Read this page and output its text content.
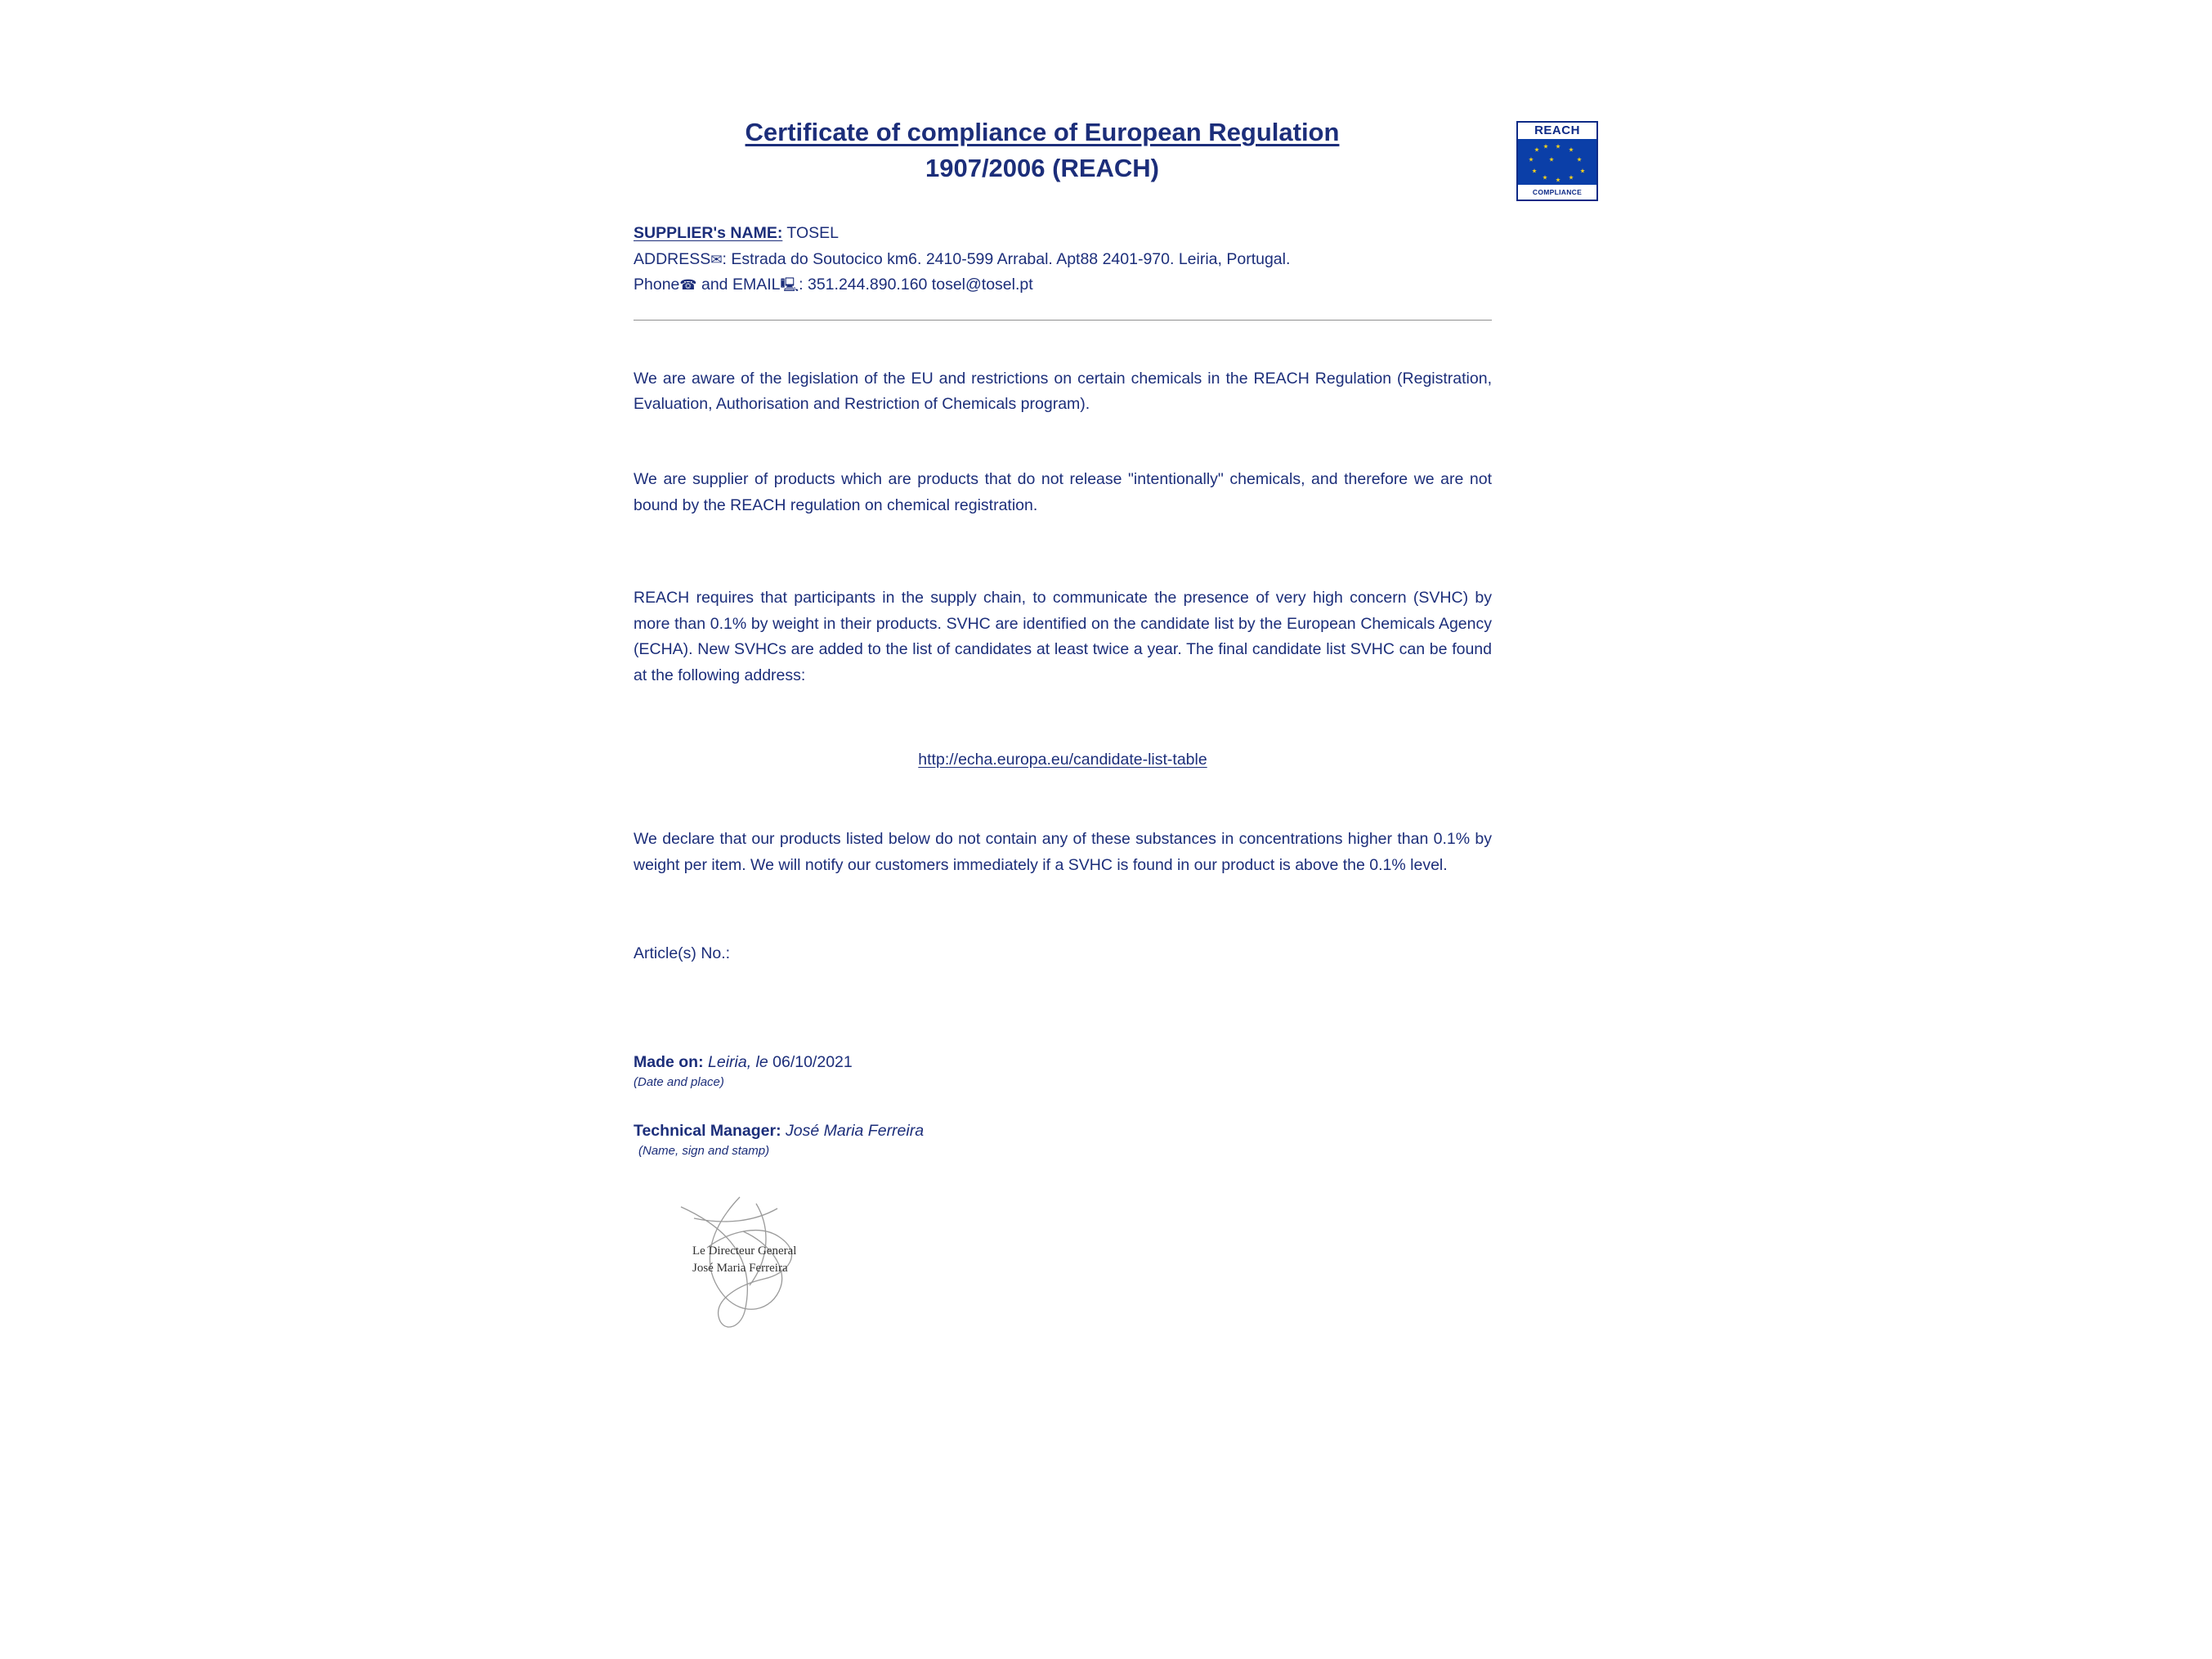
REACH
COMPLIANCE
Certificate of compliance of European Regulation
1907/2006 (REACH)
SUPPLIER's NAME: TOSEL
ADDRESS✉: Estrada do Soutocico km6. 2410-599 Arrabal. Apt88 2401-970. Leiria, Portugal.
Phone☎ and EMAIL🖳: 351.244.890.160 tosel@tosel.pt

We are aware of the legislation of the EU and restrictions on certain chemicals in the REACH Regulation (Registration, Evaluation, Authorisation and Restriction of Chemicals program).

We are supplier of products which are products that do not release "intentionally" chemicals, and therefore we are not bound by the REACH regulation on chemical registration.

REACH requires that participants in the supply chain, to communicate the presence of very high concern (SVHC) by more than 0.1% by weight in their products. SVHC are identified on the candidate list by the European Chemicals Agency (ECHA). New SVHCs are added to the list of candidates at least twice a year. The final candidate list SVHC can be found at the following address:

http://echa.europa.eu/candidate-list-table

We declare that our products listed below do not contain any of these substances in concentrations higher than 0.1% by weight per item. We will notify our customers immediately if a SVHC is found in our product is above the 0.1% level.

Article(s) No.:
Made on: Leiria, le 06/10/2021
(Date and place)
Technical Manager: José Maria Ferreira
(Name, sign and stamp)
Le Directeur General
José Maria Ferreira
